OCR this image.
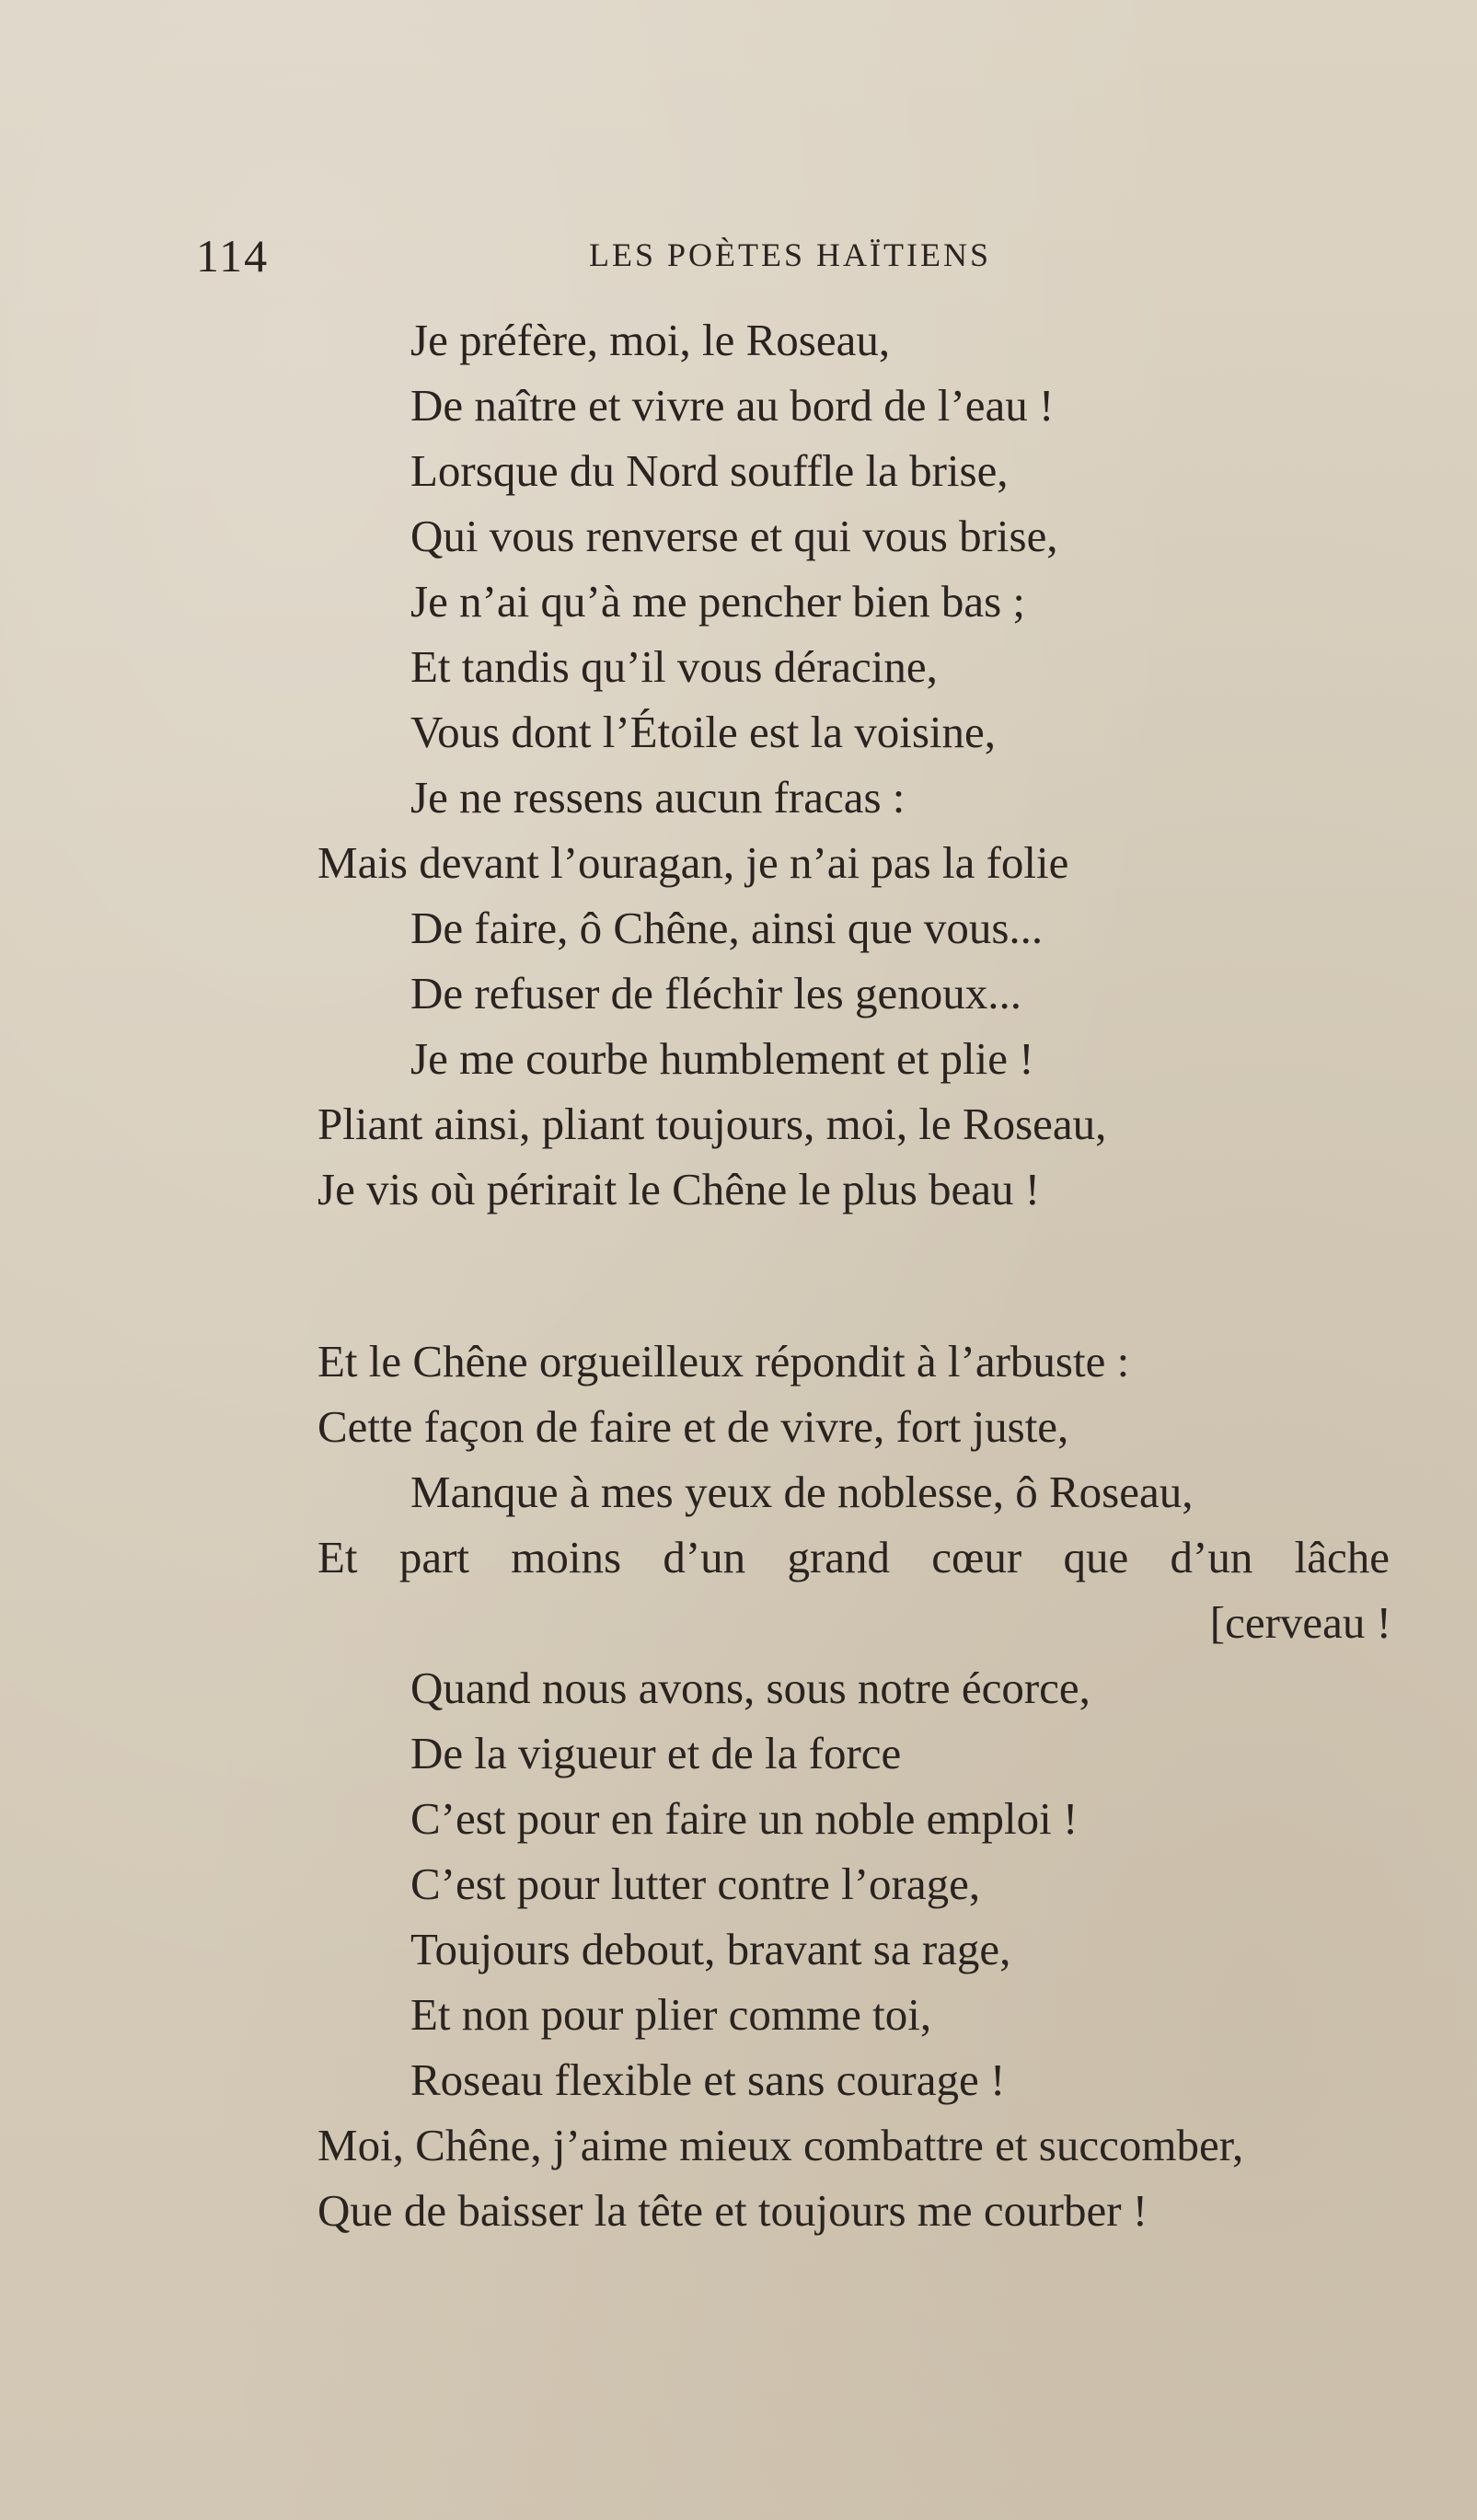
114	LES POÈTES HAÏTIENS
Je préfère, moi, le Roseau,
De naître et vivre au bord de l’eau !
Lorsque du Nord souffle la brise,
Qui vous renverse et qui vous brise,
Je n’ai qu’à me pencher bien bas ;
Et tandis qu’il vous déracine,
Vous dont l’Étoile est la voisine,
Je ne ressens aucun fracas :
Mais devant l’ouragan, je n’ai pas la folie
De faire, ô Chêne, ainsi que vous...
De refuser de fléchir les genoux...
Je me courbe humblement et plie !
Pliant ainsi, pliant toujours, moi, le Roseau,
Je vis où périrait le Chêne le plus beau !
Et le Chêne orgueilleux répondit à l’arbuste :
Cette façon de faire et de vivre, fort juste,
Manque à mes yeux de noblesse, ô Roseau,
Et part moins d’un grand cœur que d’un lâche
[cerveau !
Quand nous avons, sous notre écorce,
De la vigueur et de la force
C’est pour en faire un noble emploi !
C’est pour lutter contre l’orage,
Toujours debout, bravant sa rage,
Et non pour plier comme toi,
Roseau flexible et sans courage !
Moi, Chêne, j’aime mieux combattre et succomber,
Que de baisser la tête et toujours me courber !
